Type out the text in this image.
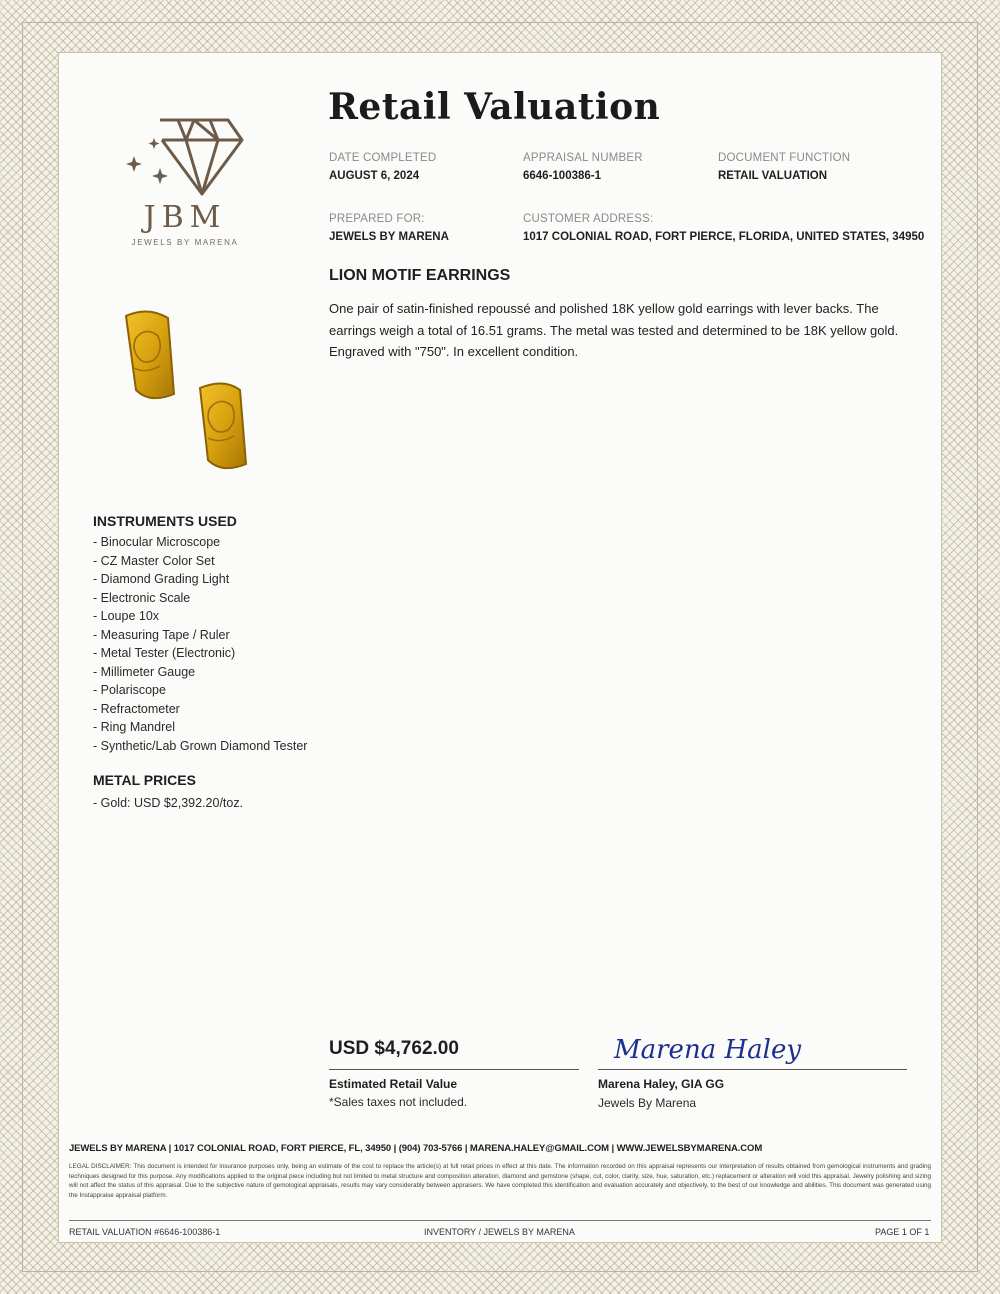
Retail Valuation
JBM
JEWELS BY MARENA
DATE COMPLETED
AUGUST 6, 2024
APPRAISAL NUMBER
6646-100386-1
DOCUMENT FUNCTION
RETAIL VALUATION
PREPARED FOR:
JEWELS BY MARENA
CUSTOMER ADDRESS:
1017 COLONIAL ROAD, FORT PIERCE, FLORIDA, UNITED STATES, 34950
LION MOTIF EARRINGS

One pair of satin-finished repoussé and polished 18K yellow gold earrings with lever backs. The earrings weigh a total of 16.51 grams. The metal was tested and determined to be 18K yellow gold. Engraved with "750". In excellent condition.

INSTRUMENTS USED
- Binocular Microscope
- CZ Master Color Set
- Diamond Grading Light
- Electronic Scale
- Loupe 10x
- Measuring Tape / Ruler
- Metal Tester (Electronic)
- Millimeter Gauge
- Polariscope
- Refractometer
- Ring Mandrel
- Synthetic/Lab Grown Diamond Tester
METAL PRICES
- Gold: USD $2,392.20/toz.
USD $4,762.00
Estimated Retail Value
*Sales taxes not included.
Marena Haley
Marena Haley, GIA GG
Jewels By Marena
JEWELS BY MARENA | 1017 COLONIAL ROAD, FORT PIERCE, FL, 34950 | (904) 703-5766 | MARENA.HALEY@GMAIL.COM | WWW.JEWELSBYMARENA.COM

LEGAL DISCLAIMER: This document is intended for insurance purposes only, being an estimate of the cost to replace the article(s) at full retail prices in effect at this date. The information recorded on this appraisal represents our interpretation of results obtained from gemological instruments and grading techniques designed for this purpose. Any modifications applied to the original piece including but not limited to metal structure and composition alteration, diamond and gemstone (shape, cut, color, clarity, size, hue, saturation, etc.) replacement or alteration will void this appraisal. Jewelry polishing and sizing will not affect the status of this appraisal. Due to the subjective nature of gemological appraisals, results may vary considerably between appraisers. We have completed this identification and evaluation accurately and objectively, to the best of our knowledge and abilities. This document was generated using the Instappraise appraisal platform.

RETAIL VALUATION #6646-100386-1	INVENTORY / JEWELS BY MARENA	PAGE 1 OF 1
